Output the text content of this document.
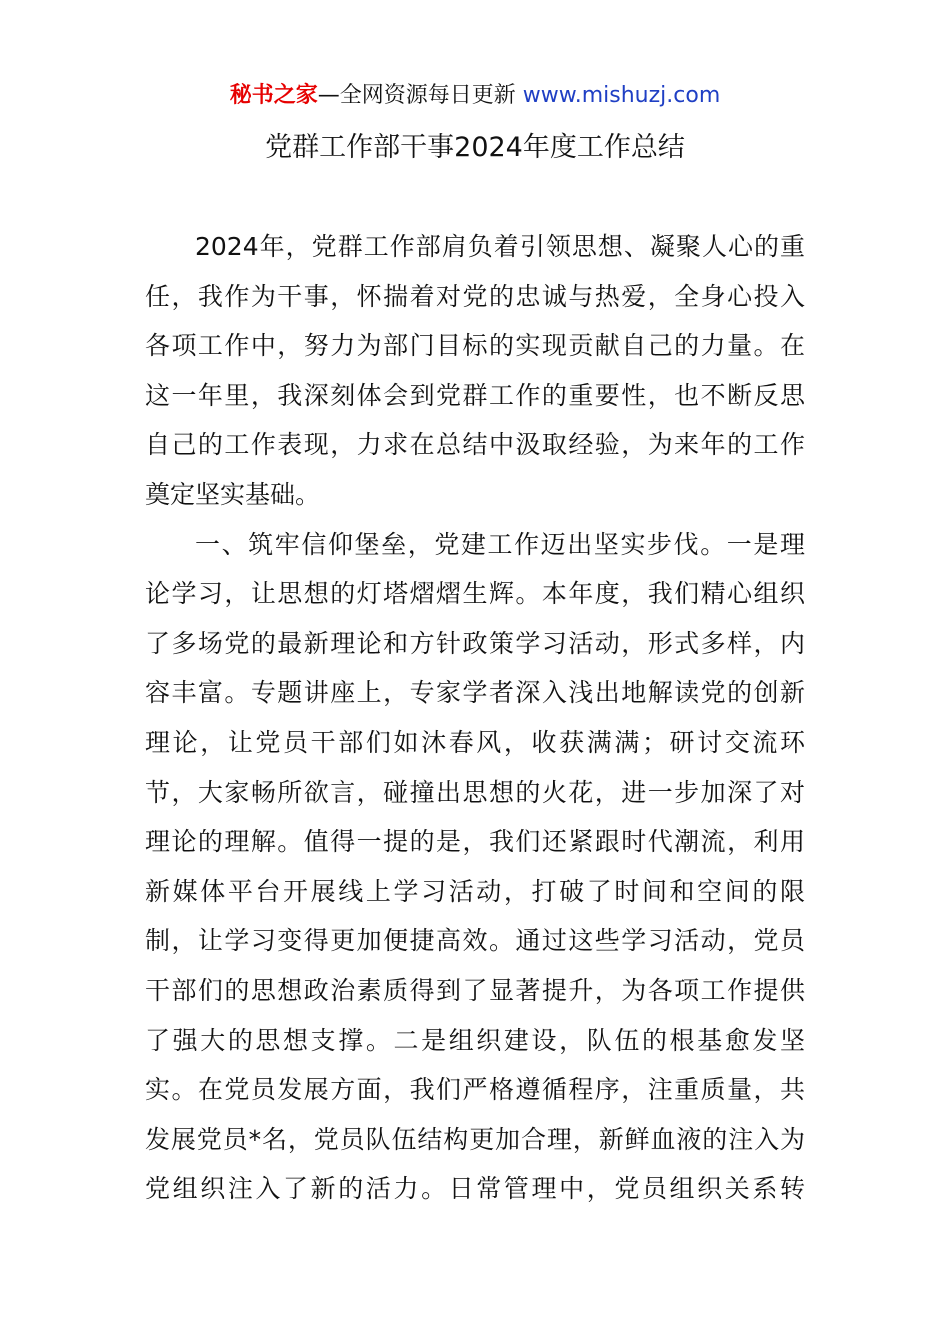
秘书之家—全网资源每日更新 www.mishuzj.com
党群工作部干事2024年度工作总结
2024年，党群工作部肩负着引领思想、凝聚人心的重
任，我作为干事，怀揣着对党的忠诚与热爱，全身心投入
各项工作中，努力为部门目标的实现贡献自己的力量。在
这一年里，我深刻体会到党群工作的重要性，也不断反思
自己的工作表现，力求在总结中汲取经验，为来年的工作
奠定坚实基础。
一、筑牢信仰堡垒，党建工作迈出坚实步伐。一是理
论学习，让思想的灯塔熠熠生辉。本年度，我们精心组织
了多场党的最新理论和方针政策学习活动，形式多样，内
容丰富。专题讲座上，专家学者深入浅出地解读党的创新
理论，让党员干部们如沐春风，收获满满；研讨交流环
节，大家畅所欲言，碰撞出思想的火花，进一步加深了对
理论的理解。值得一提的是，我们还紧跟时代潮流，利用
新媒体平台开展线上学习活动，打破了时间和空间的限
制，让学习变得更加便捷高效。通过这些学习活动，党员
干部们的思想政治素质得到了显著提升，为各项工作提供
了强大的思想支撑。二是组织建设，队伍的根基愈发坚
实。在党员发展方面，我们严格遵循程序，注重质量，共
发展党员*名，党员队伍结构更加合理，新鲜血液的注入为
党组织注入了新的活力。日常管理中，党员组织关系转
